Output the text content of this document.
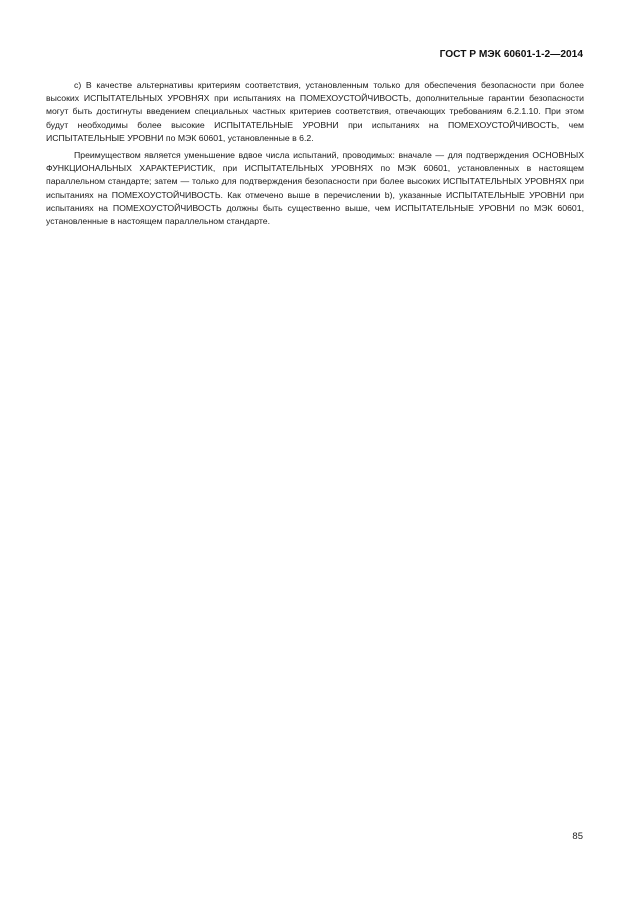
ГОСТ Р МЭК 60601-1-2—2014

c) В качестве альтернативы критериям соответствия, установленным только для обеспечения безопасности при более высоких ИСПЫТАТЕЛЬНЫХ УРОВНЯХ при испытаниях на ПОМЕХОУСТОЙЧИВОСТЬ, дополнительные гарантии безопасности могут быть достигнуты введением специальных частных критериев соответствия, отвечающих требованиям 6.2.1.10. При этом будут необходимы более высокие ИСПЫТАТЕЛЬНЫЕ УРОВНИ при испытаниях на ПОМЕХОУСТОЙЧИВОСТЬ, чем ИСПЫТАТЕЛЬНЫЕ УРОВНИ по МЭК 60601, установленные в 6.2.

Преимуществом является уменьшение вдвое числа испытаний, проводимых: вначале — для подтверждения ОСНОВНЫХ ФУНКЦИОНАЛЬНЫХ ХАРАКТЕРИСТИК, при ИСПЫТАТЕЛЬНЫХ УРОВНЯХ по МЭК 60601, установленных в настоящем параллельном стандарте; затем — только для подтверждения безопасности при более высоких ИСПЫТАТЕЛЬНЫХ УРОВНЯХ при испытаниях на ПОМЕХОУСТОЙЧИВОСТЬ. Как отмечено выше в перечислении b), указанные ИСПЫТАТЕЛЬНЫЕ УРОВНИ при испытаниях на ПОМЕХОУСТОЙЧИВОСТЬ должны быть существенно выше, чем ИСПЫТАТЕЛЬНЫЕ УРОВНИ по МЭК 60601, установленные в настоящем параллельном стандарте.

85
